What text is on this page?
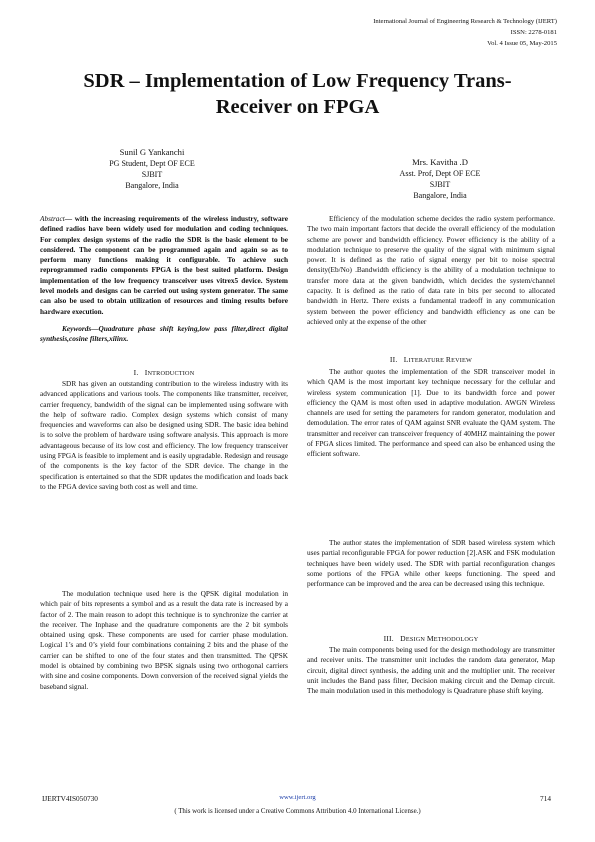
International Journal of Engineering Research & Technology (IJERT)
ISSN: 2278-0181
Vol. 4 Issue 05, May-2015
SDR – Implementation of Low Frequency Trans-
Receiver on FPGA
Sunil G Yankanchi
PG Student, Dept OF ECE
SJBIT
Bangalore, India
Mrs. Kavitha .D
Asst. Prof, Dept OF ECE
SJBIT
Bangalore, India

Abstract— with the increasing requirements of the wireless industry, software defined radios have been widely used for modulation and coding techniques. For complex design systems of the radio the SDR is the basic element to be considered. The component can be programmed again and again so as to perform many functions making it configurable. To achieve such reprogrammed radio components FPGA is the best suited platform. Design implementation of the low frequency transceiver uses vitrex5 device. System level models and designs can be carried out using system generator. The same can also be used to obtain utilization of resources and timing results before hardware execution.

Keywords—Quadrature phase shift keying,low pass filter,direct digital synthesis,cosine filters,xilinx.

I. INTRODUCTION

SDR has given an outstanding contribution to the wireless industry with its advanced applications and various tools. The components like transmitter, receiver, carrier frequency, bandwidth of the signal can be implemented using software with the help of software radio. Complex design systems which consist of many frequencies and waveforms can also be designed using SDR. The basic idea behind is to solve the problem of hardware using software analysis. This approach is more advantageous because of its low cost and efficiency. The low frequency transceiver using FPGA is feasible to implement and is easily upgradable. Redesign and reusage of the components is the key factor of the SDR device. The change in the specification is entertained so that the SDR updates the modification and loads back to the FPGA device saving both cost as well and time.

The modulation technique used here is the QPSK digital modulation in which pair of bits represents a symbol and as a result the data rate is increased by a factor of 2. The main reason to adopt this technique is to synchronize the carrier at the receiver. The Inphase and the quadrature components are the 2 bit symbols obtained using qpsk. These components are used for carrier phase modulation. Logical 1’s and 0’s yield four combinations containing 2 bits and the phase of the carrier can be shifted to one of the four states and then transmitted. The QPSK model is obtained by combining two BPSK signals using two orthogonal carriers with sine and cosine components. Down conversion of the received signal yields the baseband signal.

Efficiency of the modulation scheme decides the radio system performance. The two main important factors that decide the overall efficiency of the modulation scheme are power and bandwidth efficiency. Power efficiency is the ability of a modulation technique to preserve the quality of the signal with minimum signal power. It is defined as the ratio of signal energy per bit to noise spectral density(Eb/No) .Bandwidth efficiency is the ability of a modulation technique to transfer more data at the given bandwidth, which decides the system/channel capacity. It is defined as the ratio of data rate in bits per second to allocated bandwidth in Hertz. There exists a fundamental tradeoff in any communication system between the power efficiency and bandwidth efficiency as one can be achieved only at the expense of the other

II. LITERATURE REVIEW

The author quotes the implementation of the SDR transceiver model in which QAM is the most important key technique necessary for the cellular and wireless system communication [1]. Due to its bandwidth force and power efficiency the QAM is most often used in adaptive modulation. AWGN Wireless channels are used for setting the parameters for random generator, modulation and demodulation. The error rates of QAM against SNR evaluate the QAM system. The transmitter and receiver can transceiver frequency of 40MHZ maintaining the power of FPGA slices limited. The performance and speed can also be enhanced using the efficient software.

The author states the implementation of SDR based wireless system which uses partial reconfigurable FPGA for power reduction [2].ASK and FSK modulation techniques have been widely used. The SDR with partial reconfiguration changes some portions of the FPGA while other keeps functioning. The speed and performance can be improved and the area can be decreased using this technique.

III. DESIGN METHODOLOGY

The main components being used for the design methodology are transmitter and receiver units. The transmitter unit includes the random data generator, Map circuit, digital direct synthesis, the adding unit and the multiplier unit. The receiver unit includes the Band pass filter, Decision making circuit and the Demap circuit. The main modulation used in this methodology is Quadrature phase shift keying.

IJERTV4IS050730	www.ijert.org	714
( This work is licensed under a Creative Commons Attribution 4.0 International License.)
